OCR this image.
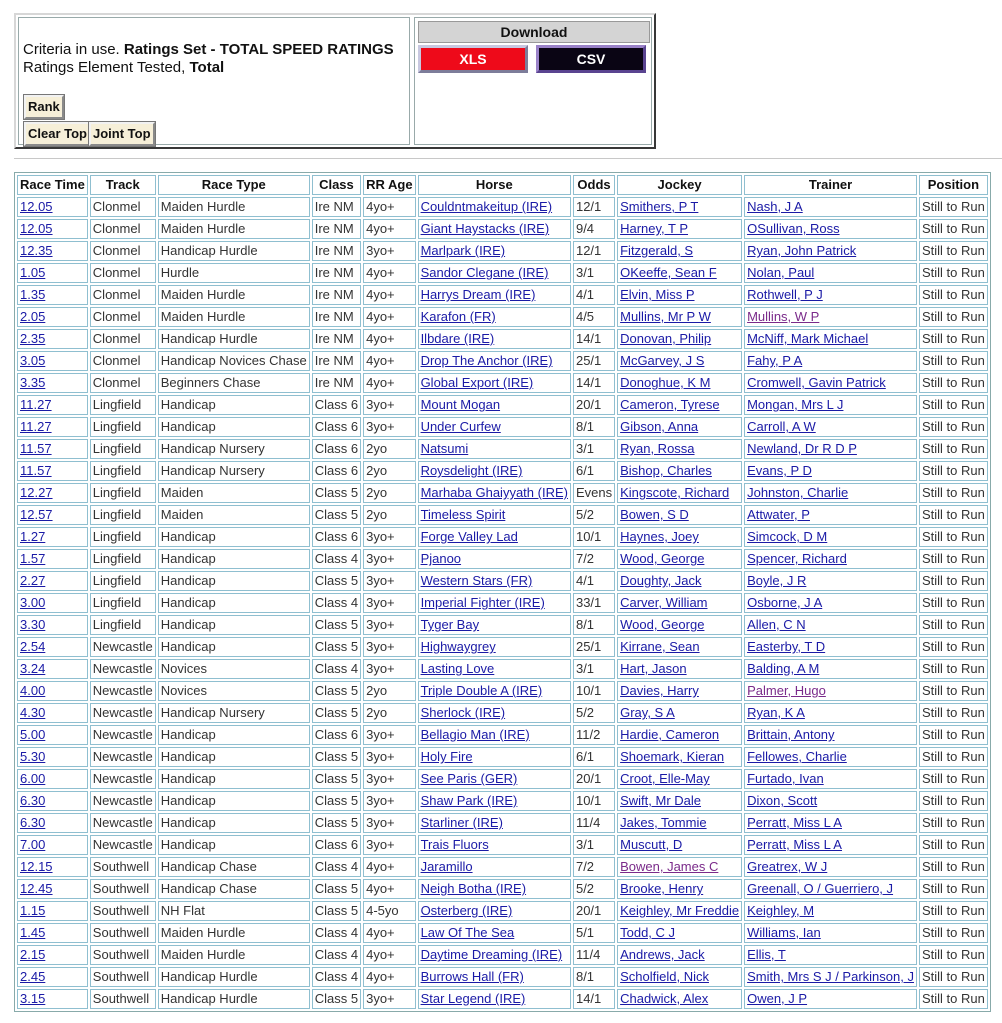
Criteria in use. Ratings Set - TOTAL SPEED RATINGS
Ratings Element Tested, Total
Rank
Clear Top Joint Top
Download
XLS	CSV
Race Time	Track	Race Type	Class	RR Age	Horse	Odds	Jockey	Trainer	Position
12.05	Clonmel	Maiden Hurdle	Ire NM	4yo+	Couldntmakeitup (IRE)	12/1	Smithers, P T	Nash, J A	Still to Run
12.05	Clonmel	Maiden Hurdle	Ire NM	4yo+	Giant Haystacks (IRE)	9/4	Harney, T P	OSullivan, Ross	Still to Run
12.35	Clonmel	Handicap Hurdle	Ire NM	3yo+	Marlpark (IRE)	12/1	Fitzgerald, S	Ryan, John Patrick	Still to Run
1.05	Clonmel	Hurdle	Ire NM	4yo+	Sandor Clegane (IRE)	3/1	OKeeffe, Sean F	Nolan, Paul	Still to Run
1.35	Clonmel	Maiden Hurdle	Ire NM	4yo+	Harrys Dream (IRE)	4/1	Elvin, Miss P	Rothwell, P J	Still to Run
2.05	Clonmel	Maiden Hurdle	Ire NM	4yo+	Karafon (FR)	4/5	Mullins, Mr P W	Mullins, W P	Still to Run
2.35	Clonmel	Handicap Hurdle	Ire NM	4yo+	Ilbdare (IRE)	14/1	Donovan, Philip	McNiff, Mark Michael	Still to Run
3.05	Clonmel	Handicap Novices Chase	Ire NM	4yo+	Drop The Anchor (IRE)	25/1	McGarvey, J S	Fahy, P A	Still to Run
3.35	Clonmel	Beginners Chase	Ire NM	4yo+	Global Export (IRE)	14/1	Donoghue, K M	Cromwell, Gavin Patrick	Still to Run
11.27	Lingfield	Handicap	Class 6	3yo+	Mount Mogan	20/1	Cameron, Tyrese	Mongan, Mrs L J	Still to Run
11.27	Lingfield	Handicap	Class 6	3yo+	Under Curfew	8/1	Gibson, Anna	Carroll, A W	Still to Run
11.57	Lingfield	Handicap Nursery	Class 6	2yo	Natsumi	3/1	Ryan, Rossa	Newland, Dr R D P	Still to Run
11.57	Lingfield	Handicap Nursery	Class 6	2yo	Roysdelight (IRE)	6/1	Bishop, Charles	Evans, P D	Still to Run
12.27	Lingfield	Maiden	Class 5	2yo	Marhaba Ghaiyyath (IRE)	Evens	Kingscote, Richard	Johnston, Charlie	Still to Run
12.57	Lingfield	Maiden	Class 5	2yo	Timeless Spirit	5/2	Bowen, S D	Attwater, P	Still to Run
1.27	Lingfield	Handicap	Class 6	3yo+	Forge Valley Lad	10/1	Haynes, Joey	Simcock, D M	Still to Run
1.57	Lingfield	Handicap	Class 4	3yo+	Pjanoo	7/2	Wood, George	Spencer, Richard	Still to Run
2.27	Lingfield	Handicap	Class 5	3yo+	Western Stars (FR)	4/1	Doughty, Jack	Boyle, J R	Still to Run
3.00	Lingfield	Handicap	Class 4	3yo+	Imperial Fighter (IRE)	33/1	Carver, William	Osborne, J A	Still to Run
3.30	Lingfield	Handicap	Class 5	3yo+	Tyger Bay	8/1	Wood, George	Allen, C N	Still to Run
2.54	Newcastle	Handicap	Class 5	3yo+	Highwaygrey	25/1	Kirrane, Sean	Easterby, T D	Still to Run
3.24	Newcastle	Novices	Class 4	3yo+	Lasting Love	3/1	Hart, Jason	Balding, A M	Still to Run
4.00	Newcastle	Novices	Class 5	2yo	Triple Double A (IRE)	10/1	Davies, Harry	Palmer, Hugo	Still to Run
4.30	Newcastle	Handicap Nursery	Class 5	2yo	Sherlock (IRE)	5/2	Gray, S A	Ryan, K A	Still to Run
5.00	Newcastle	Handicap	Class 6	3yo+	Bellagio Man (IRE)	11/2	Hardie, Cameron	Brittain, Antony	Still to Run
5.30	Newcastle	Handicap	Class 5	3yo+	Holy Fire	6/1	Shoemark, Kieran	Fellowes, Charlie	Still to Run
6.00	Newcastle	Handicap	Class 5	3yo+	See Paris (GER)	20/1	Croot, Elle-May	Furtado, Ivan	Still to Run
6.30	Newcastle	Handicap	Class 5	3yo+	Shaw Park (IRE)	10/1	Swift, Mr Dale	Dixon, Scott	Still to Run
6.30	Newcastle	Handicap	Class 5	3yo+	Starliner (IRE)	11/4	Jakes, Tommie	Perratt, Miss L A	Still to Run
7.00	Newcastle	Handicap	Class 6	3yo+	Trais Fluors	3/1	Muscutt, D	Perratt, Miss L A	Still to Run
12.15	Southwell	Handicap Chase	Class 4	4yo+	Jaramillo	7/2	Bowen, James C	Greatrex, W J	Still to Run
12.45	Southwell	Handicap Chase	Class 5	4yo+	Neigh Botha (IRE)	5/2	Brooke, Henry	Greenall, O / Guerriero, J	Still to Run
1.15	Southwell	NH Flat	Class 5	4-5yo	Osterberg (IRE)	20/1	Keighley, Mr Freddie	Keighley, M	Still to Run
1.45	Southwell	Maiden Hurdle	Class 4	4yo+	Law Of The Sea	5/1	Todd, C J	Williams, Ian	Still to Run
2.15	Southwell	Maiden Hurdle	Class 4	4yo+	Daytime Dreaming (IRE)	11/4	Andrews, Jack	Ellis, T	Still to Run
2.45	Southwell	Handicap Hurdle	Class 4	4yo+	Burrows Hall (FR)	8/1	Scholfield, Nick	Smith, Mrs S J / Parkinson, J	Still to Run
3.15	Southwell	Handicap Hurdle	Class 5	3yo+	Star Legend (IRE)	14/1	Chadwick, Alex	Owen, J P	Still to Run
